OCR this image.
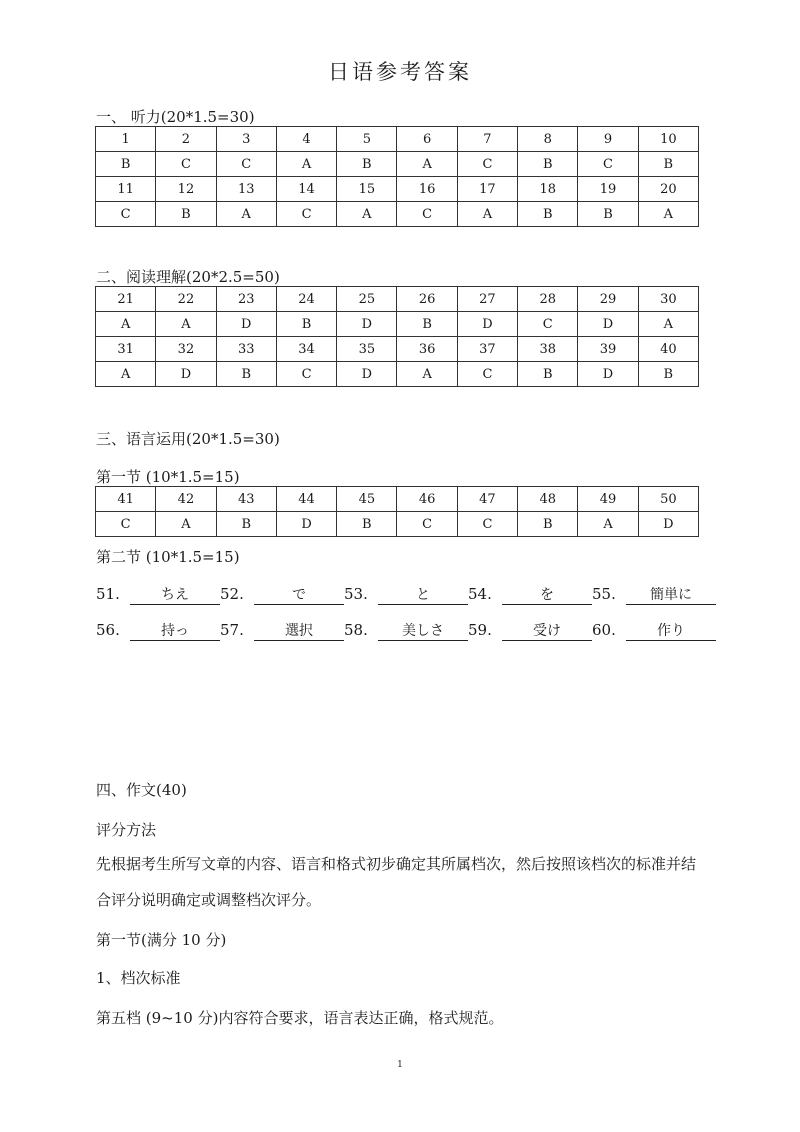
日语参考答案
一、 听力(20*1.5=30)
1	2	3	4	5	6	7	8	9	10
B	C	C	A	B	A	C	B	C	B
11	12	13	14	15	16	17	18	19	20
C	B	A	C	A	C	A	B	B	A
二、阅读理解(20*2.5=50)
21	22	23	24	25	26	27	28	29	30
A	A	D	B	D	B	D	C	D	A
31	32	33	34	35	36	37	38	39	40
A	D	B	C	D	A	C	B	D	B
三、语言运用(20*1.5=30)
第一节 (10*1.5=15)
41	42	43	44	45	46	47	48	49	50
C	A	B	D	B	C	C	B	A	D
第二节 (10*1.5=15)
51.	ちえ 52.	で	53.	と	54.	を	55. 簡単に
56.	持っ 57.	選択 58. 美しさ 59.	受け 60.	作り
四、作文(40)
评分方法
先根据考生所写文章的内容、语言和格式初步确定其所属档次，然后按照该档次的标准并结合评分说明确定或调整档次评分。
第一节(满分 10 分)
1、档次标准
第五档 (9~10 分)内容符合要求，语言表达正确，格式规范。
1
